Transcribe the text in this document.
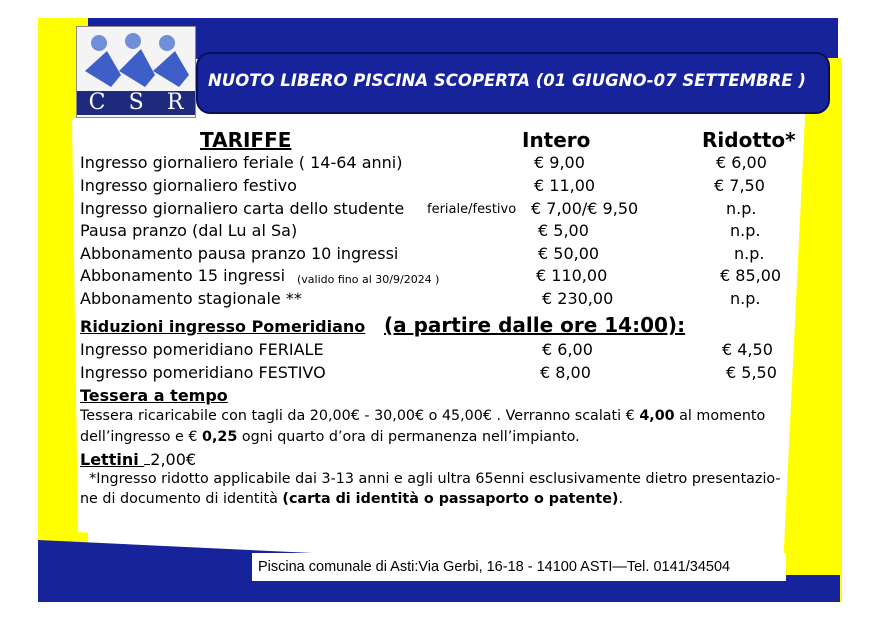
C S R
NUOTO LIBERO PISCINA SCOPERTA (01 GIUGNO-07 SETTEMBRE )
TARIFFE	Intero	Ridotto*
Ingresso giornaliero feriale ( 14-64 anni)	€ 9,00	€ 6,00
Ingresso giornaliero festivo	€ 11,00	€ 7,50
Ingresso giornaliero carta dello studente feriale/festivo € 7,00/€ 9,50	n.p.
Pausa pranzo (dal Lu al Sa)	€ 5,00	n.p.
Abbonamento pausa pranzo 10 ingressi	€ 50,00	n.p.
Abbonamento 15 ingressi (valido fino al 30/9/2024 )	€ 110,00	€ 85,00
Abbonamento stagionale **	€ 230,00	n.p.
Riduzioni ingresso Pomeridiano (a partire dalle ore 14:00):
Ingresso pomeridiano FERIALE	€ 6,00	€ 4,50
Ingresso pomeridiano FESTIVO	€ 8,00	€ 5,50
Tessera a tempo
Tessera ricaricabile con tagli da 20,00€ - 30,00€ o 45,00€ . Verranno scalati € 4,00 al momento
dell’ingresso e € 0,25 ogni quarto d’ora di permanenza nell’impianto.
Lettini 2,00€
*Ingresso ridotto applicabile dai 3-13 anni e agli ultra 65enni esclusivamente dietro presentazio-
ne di documento di identità (carta di identità o passaporto o patente).
Piscina comunale di Asti:Via Gerbi, 16-18 - 14100 ASTI—Tel. 0141/34504
